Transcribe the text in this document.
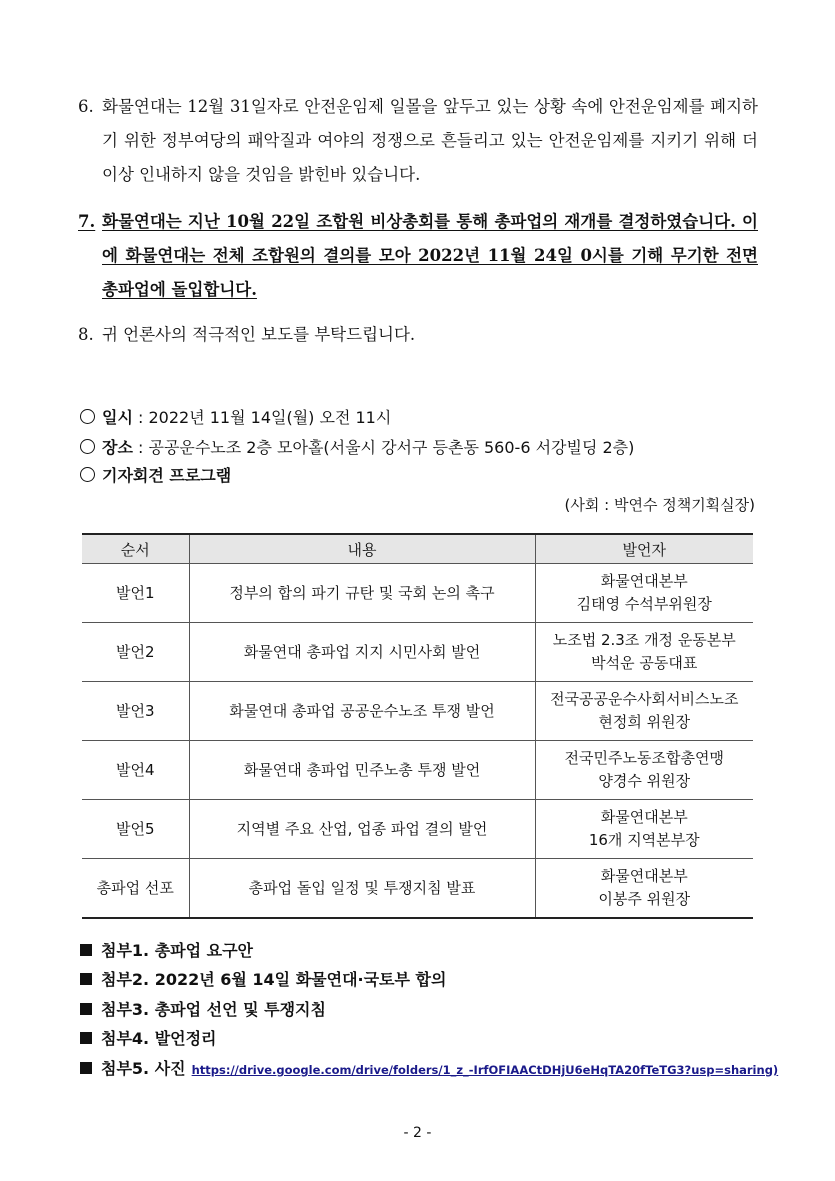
6. 화물연대는 12월 31일자로 안전운임제 일몰을 앞두고 있는 상황 속에 안전운임제를 폐지하기 위한 정부여당의 패악질과 여야의 정쟁으로 흔들리고 있는 안전운임제를 지키기 위해 더 이상 인내하지 않을 것임을 밝힌바 있습니다.
7. 화물연대는 지난 10월 22일 조합원 비상총회를 통해 총파업의 재개를 결정하였습니다. 이에 화물연대는 전체 조합원의 결의를 모아 2022년 11월 24일 0시를 기해 무기한 전면 총파업에 돌입합니다.
8. 귀 언론사의 적극적인 보도를 부탁드립니다.
일시 : 2022년 11월 14일(월) 오전 11시
장소 : 공공운수노조 2층 모아홀(서울시 강서구 등촌동 560-6 서강빌딩 2층)
기자회견 프로그램
(사회 : 박연수 정책기획실장)
순서	내용	발언자
발언1	정부의 합의 파기 규탄 및 국회 논의 촉구	화물연대본부
김태영 수석부위원장
발언2	화물연대 총파업 지지 시민사회 발언	노조법 2.3조 개정 운동본부
박석운 공동대표
발언3	화물연대 총파업 공공운수노조 투쟁 발언	전국공공운수사회서비스노조
현정희 위원장
발언4	화물연대 총파업 민주노총 투쟁 발언	전국민주노동조합총연맹
양경수 위원장
발언5	지역별 주요 산업, 업종 파업 결의 발언	화물연대본부
16개 지역본부장
총파업 선포	총파업 돌입 일정 및 투쟁지침 발표	화물연대본부
이봉주 위원장
첨부1. 총파업 요구안
첨부2. 2022년 6월 14일 화물연대·국토부 합의
첨부3. 총파업 선언 및 투쟁지침
첨부4. 발언정리
첨부5. 사진 https://drive.google.com/drive/folders/1_z_-IrfOFIAACtDHjU6eHqTA20fTeTG3?usp=sharing)
- 2 -
